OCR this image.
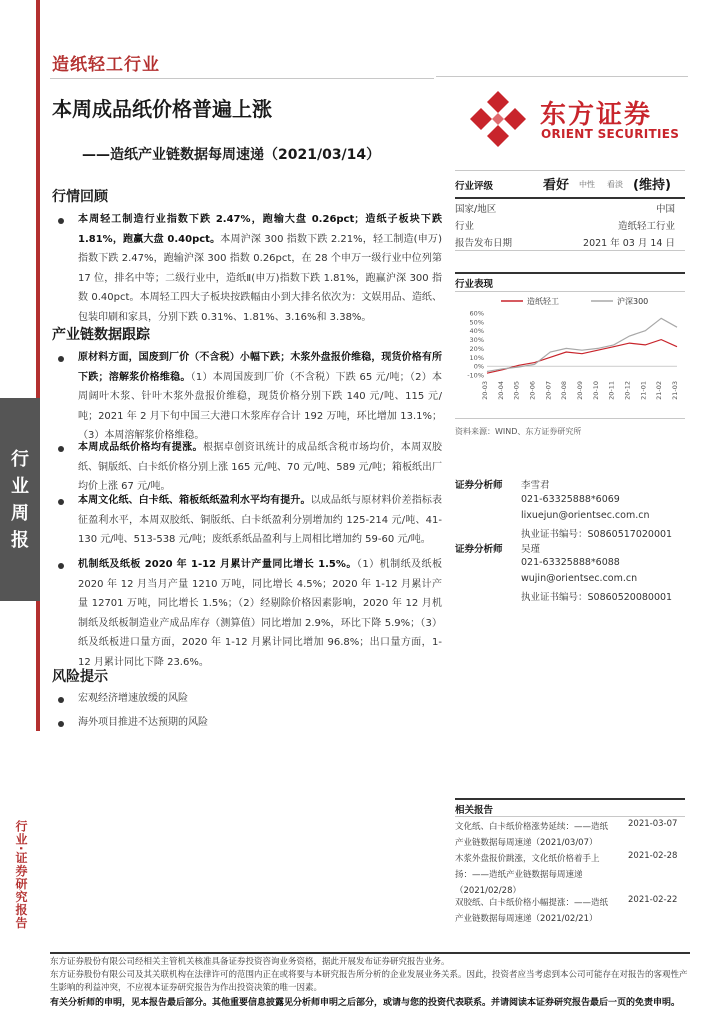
造纸轻工行业
本周成品纸价格普遍上涨
——造纸产业链数据每周速递（2021/03/14）
东方证券
ORIENT SECURITIES
行
业
周
报
行业·证券研究报告
行情回顾
本周轻工制造行业指数下跌 2.47%，跑输大盘 0.26pct；造纸子板块下跌 1.81%，跑赢大盘 0.40pct。本周沪深 300 指数下跌 2.21%，轻工制造(申万)指数下跌 2.47%，跑输沪深 300 指数 0.26pct，在 28 个申万一级行业中位列第 17 位，排名中等；二级行业中，造纸Ⅱ(申万)指数下跌 1.81%，跑赢沪深 300 指数 0.40pct。本周轻工四大子板块按跌幅由小到大排名依次为：文娱用品、造纸、包装印刷和家具，分别下跌 0.31%、1.81%、3.16%和 3.38%。
产业链数据跟踪
原材料方面，国废到厂价（不含税）小幅下跌；木浆外盘报价维稳，现货价格有所下跌；溶解浆价格维稳。（1）本周国废到厂价（不含税）下跌 65 元/吨；（2）本周阔叶木浆、针叶木浆外盘报价维稳，现货价格分别下跌 140 元/吨、115 元/吨；2021 年 2 月下旬中国三大港口木浆库存合计 192 万吨，环比增加 13.1%；（3）本周溶解浆价格维稳。
本周成品纸价格均有提涨。根据卓创资讯统计的成品纸含税市场均价，本周双胶纸、铜版纸、白卡纸价格分别上涨 165 元/吨、70 元/吨、589 元/吨；箱板纸出厂均价上涨 67 元/吨。
本周文化纸、白卡纸、箱板纸纸盈利水平均有提升。以成品纸与原材料价差指标表征盈利水平，本周双胶纸、铜版纸、白卡纸盈利分别增加约 125-214 元/吨、41-130 元/吨、513-538 元/吨；废纸系纸品盈利与上周相比增加约 59-60 元/吨。
机制纸及纸板 2020 年 1-12 月累计产量同比增长 1.5%。（1）机制纸及纸板 2020 年 12 月当月产量 1210 万吨，同比增长 4.5%；2020 年 1-12 月累计产量 12701 万吨，同比增长 1.5%；（2）经剔除价格因素影响，2020 年 12 月机制纸及纸板制造业产成品库存（测算值）同比增加 2.9%，环比下降 5.9%；（3）纸及纸板进口量方面，2020 年 1-12 月累计同比增加 96.8%；出口量方面，1-12 月累计同比下降 23.6%。
风险提示
宏观经济增速放缓的风险
海外项目推进不达预期的风险
行业评级	看好 中性 看淡 (维持)
国家/地区	中国
行业	造纸轻工行业
报告发布日期	2021 年 03 月 14 日
行业表现
造纸轻工	沪深300
60%
50%
40%
30%
20%
10%
0%
-10%
20-03 20-04 20-05 20-06 20-07 20-08 20-09 20-10 20-11 20-12 21-01 21-02 21-03
资料来源：WIND、东方证券研究所
证券分析师 李雪君
021-63325888*6069
lixuejun@orientsec.com.cn
执业证书编号：S0860517020001
证券分析师 吴瑾
021-63325888*6088
wujin@orientsec.com.cn
执业证书编号：S0860520080001
相关报告
文化纸、白卡纸价格涨势延续：——造纸产业链数据每周速递（2021/03/07）
2021-03-07
木浆外盘报价跳涨，文化纸价格着手上扬：——造纸产业链数据每周速递（2021/02/28）
2021-02-28
双胶纸、白卡纸价格小幅提涨：——造纸产业链数据每周速递（2021/02/21）
2021-02-22
东方证券股份有限公司经相关主管机关核准具备证券投资咨询业务资格，据此开展发布证券研究报告业务。
东方证券股份有限公司及其关联机构在法律许可的范围内正在或将要与本研究报告所分析的企业发展业务关系。因此，投资者应当考虑到本公司可能存在对报告的客观性产生影响的利益冲突，不应视本证券研究报告为作出投资决策的唯一因素。
有关分析师的申明，见本报告最后部分。其他重要信息披露见分析师申明之后部分，或请与您的投资代表联系。并请阅读本证券研究报告最后一页的免责申明。
